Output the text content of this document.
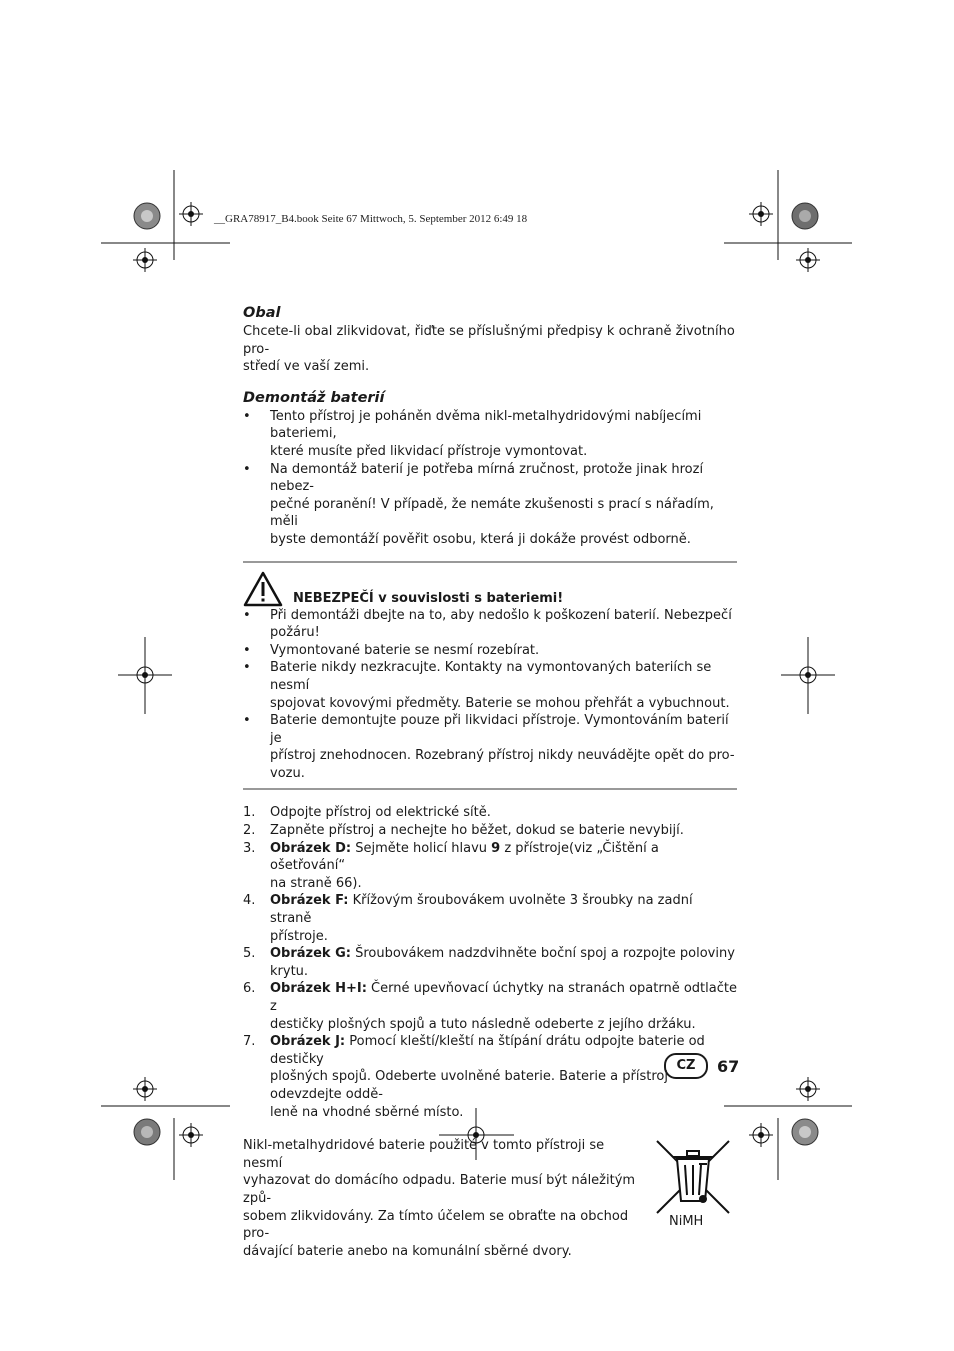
__GRA78917_B4.book Seite 67 Mittwoch, 5. September 2012 6:49 18
Obal

Chcete-li obal zlikvidovat, řiďte se příslušnými předpisy k ochraně životního pro-
středí ve vaší zemi.

Demontáž baterií
• Tento přístroj je poháněn dvěma nikl-metalhydridovými nabíjecími bateriemi,
které musíte před likvidací přístroje vymontovat.
• Na demontáž baterií je potřeba mírná zručnost, protože jinak hrozí nebez-
pečné poranění! V případě, že nemáte zkušenosti s prací s nářadím, měli
byste demontáží pověřit osobu, která ji dokáže provést odborně.
NEBEZPEČÍ v souvislosti s bateriemi!
• Při demontáži dbejte na to, aby nedošlo k poškození baterií. Nebezpečí
požáru!
• Vymontované baterie se nesmí rozebírat.
• Baterie nikdy nezkracujte. Kontakty na vymontovaných bateriích se nesmí
spojovat kovovými předměty. Baterie se mohou přehřát a vybuchnout.
• Baterie demontujte pouze při likvidaci přístroje. Vymontováním baterií je
přístroj znehodnocen. Rozebraný přístroj nikdy neuvádějte opět do pro-
vozu.
1. Odpojte přístroj od elektrické sítě.
2. Zapněte přístroj a nechejte ho běžet, dokud se baterie nevybijí.
3. Obrázek D: Sejměte holicí hlavu 9 z přístroje(viz „Čištění a ošetřování“
na straně 66).
4. Obrázek F: Křížovým šroubovákem uvolněte 3 šroubky na zadní straně
přístroje.
5. Obrázek G: Šroubovákem nadzdvihněte boční spoj a rozpojte poloviny
krytu.
6. Obrázek H+I: Černé upevňovací úchytky na stranách opatrně odtlačte z
destičky plošných spojů a tuto následně odeberte z jejího držáku.
7. Obrázek J: Pomocí kleští/kleští na štípání drátu odpojte baterie od destičky
plošných spojů. Odeberte uvolněné baterie. Baterie a přístroj odevzdejte oddě-
leně na vhodné sběrné místo.

Nikl-metalhydridové baterie použité v tomto přístroji se nesmí
vyhazovat do domácího odpadu. Baterie musí být náležitým způ-
sobem zlikvidovány. Za tímto účelem se obraťte na obchod pro-
dávající baterie anebo na komunální sběrné dvory.

NiMH
CZ	67
